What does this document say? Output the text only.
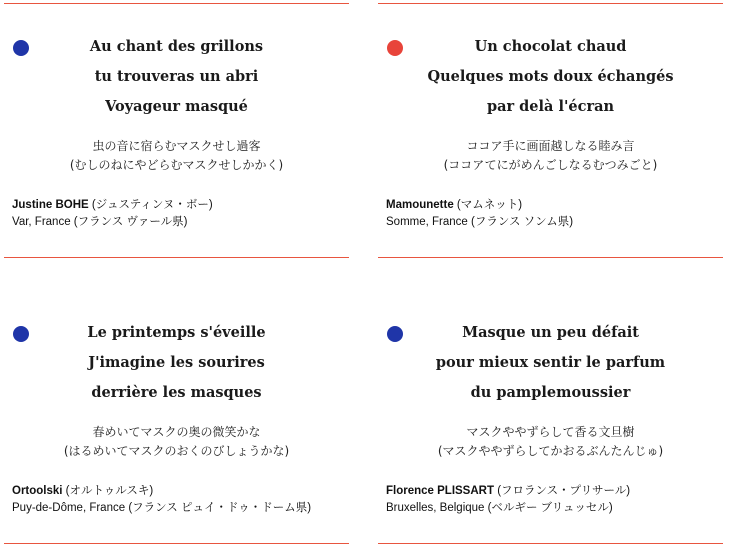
Au chant des grillons
tu trouveras un abri
Voyageur masqué
虫の音に宿らむマスクせし過客
(むしのねにやどらむマスクせしかかく)
Justine BOHE (ジュスティンヌ・ボー)
Var, France (フランス ヴァール県)
Un chocolat chaud
Quelques mots doux échangés
par delà l'écran
ココア手に画面越しなる睦み言
(ココアてにがめんごしなるむつみごと)
Mamounette (マムネット)
Somme, France (フランス ソンム県)
Le printemps s'éveille
J'imagine les sourires
derrière les masques
春めいてマスクの奥の微笑かな
(はるめいてマスクのおくのびしょうかな)
Ortoolski (オルトゥルスキ)
Puy-de-Dôme, France (フランス ピュイ・ドゥ・ドーム県)
Masque un peu défait
pour mieux sentir le parfum
du pamplemoussier
マスクややずらして香る文旦樹
(マスクややずらしてかおるぶんたんじゅ)
Florence PLISSART (フロランス・プリサール)
Bruxelles, Belgique (ベルギー ブリュッセル)
